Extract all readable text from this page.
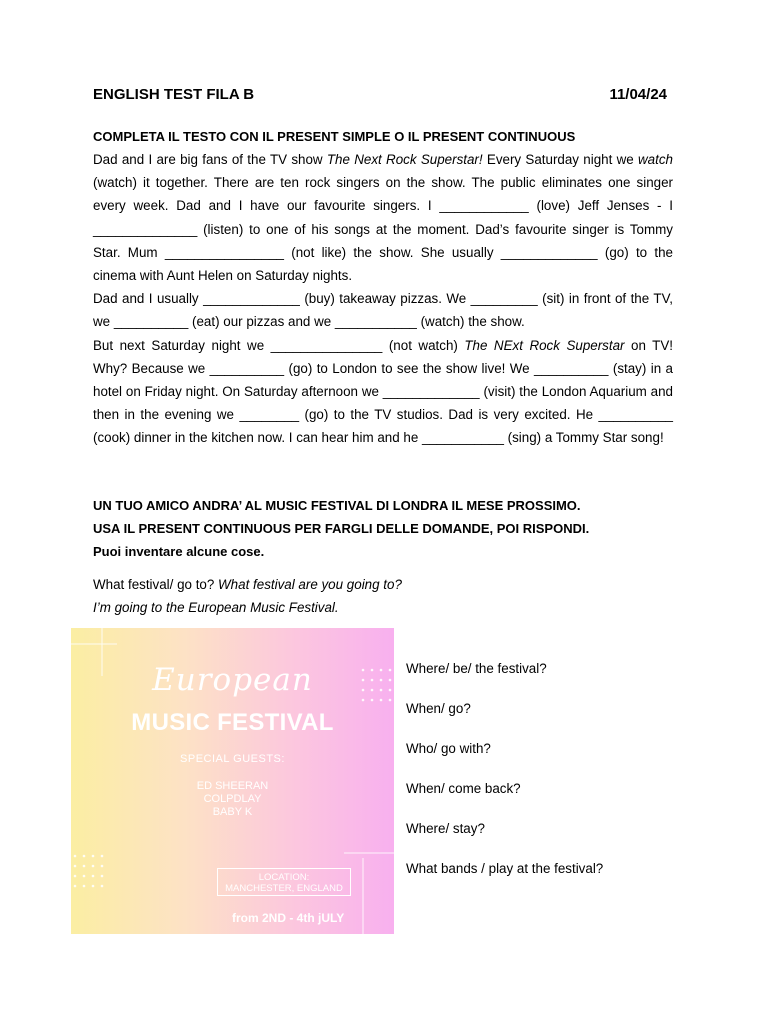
ENGLISH TEST FILA B	11/04/24
COMPLETA IL TESTO CON IL PRESENT SIMPLE O IL PRESENT CONTINUOUS

Dad and I are big fans of the TV show The Next Rock Superstar! Every Saturday night we watch (watch) it together. There are ten rock singers on the show. The public eliminates one singer every week. Dad and I have our favourite singers. I ____________ (love) Jeff Jenses - I ______________ (listen) to one of his songs at the moment. Dad’s favourite singer is Tommy Star. Mum ________________ (not like) the show. She usually _____________ (go) to the cinema with Aunt Helen on Saturday nights.

Dad and I usually _____________ (buy) takeaway pizzas. We _________ (sit) in front of the TV, we __________ (eat) our pizzas and we ___________ (watch) the show.

But next Saturday night we _______________ (not watch) The NExt Rock Superstar on TV! Why? Because we __________ (go) to London to see the show live! We __________ (stay) in a hotel on Friday night. On Saturday afternoon we _____________ (visit) the London Aquarium and then in the evening we ________ (go) to the TV studios. Dad is very excited. He __________ (cook) dinner in the kitchen now. I can hear him and he ___________ (sing) a Tommy Star song!

UN TUO AMICO ANDRA’ AL MUSIC FESTIVAL DI LONDRA IL MESE PROSSIMO.
USA IL PRESENT CONTINUOUS PER FARGLI DELLE DOMANDE, POI RISPONDI.
Puoi inventare alcune cose.
What festival/ go to? What festival are you going to?
I’m going to the European Music Festival.
European
MUSIC FESTIVAL
SPECIAL GUESTS:
ED SHEERAN
COLPDLAY
BABY K
LOCATION:
MANCHESTER, ENGLAND
from 2ND - 4th jULY
Where/ be/ the festival?
When/ go?
Who/ go with?
When/ come back?
Where/ stay?
What bands / play at the festival?
